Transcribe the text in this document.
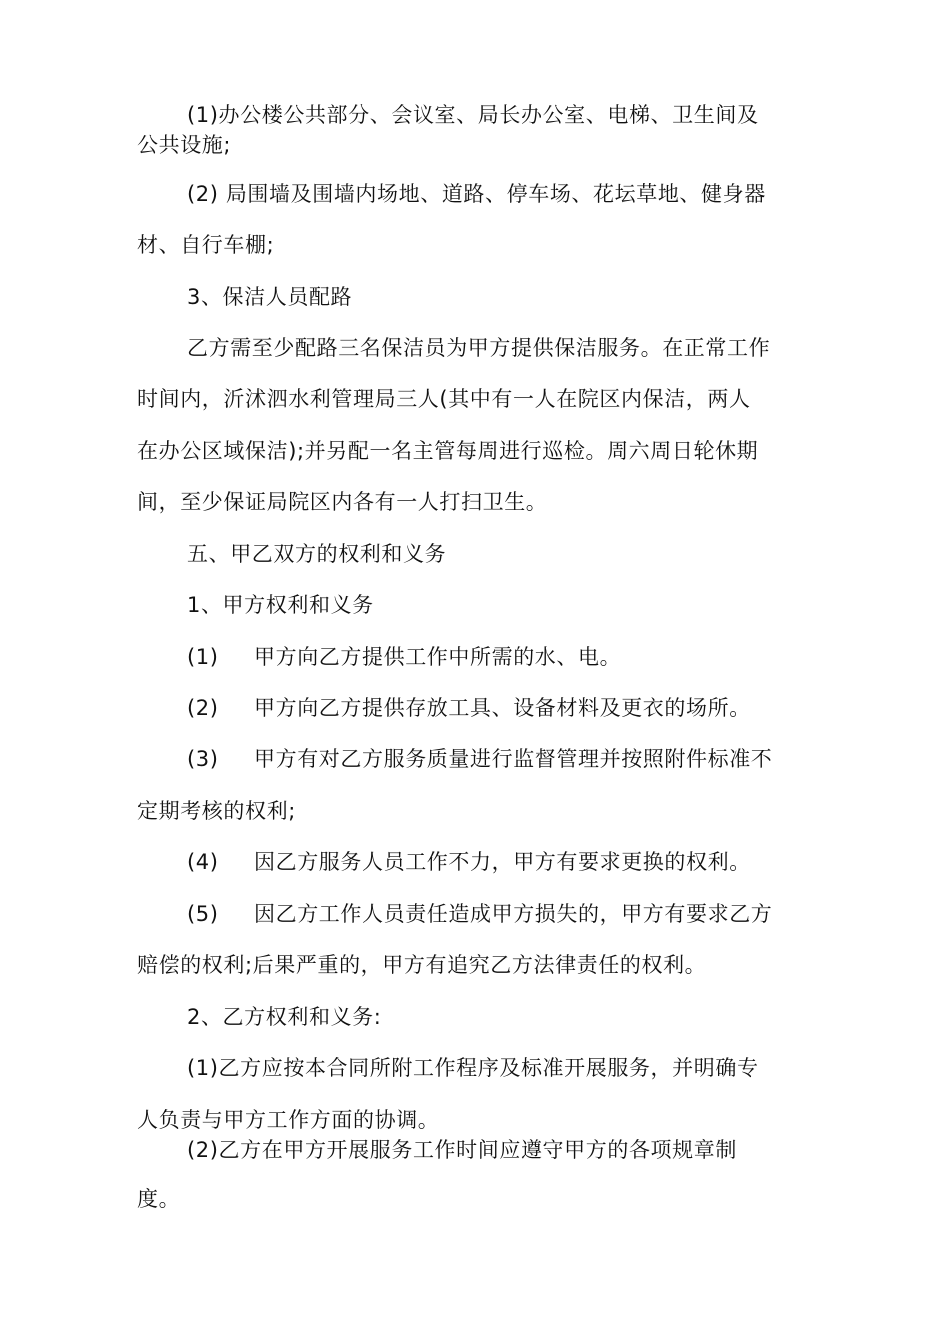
(1)办公楼公共部分、会议室、局长办公室、电梯、卫生间及
公共设施;
(2) 局围墙及围墙内场地、道路、停车场、花坛草地、健身器
材、自行车棚;
3、保洁人员配路
乙方需至少配路三名保洁员为甲方提供保洁服务。在正常工作
时间内，沂沭泗水利管理局三人(其中有一人在院区内保洁，两人
在办公区域保洁);并另配一名主管每周进行巡检。周六周日轮休期
间，至少保证局院区内各有一人打扫卫生。
五、甲乙双方的权利和义务
1、甲方权利和义务
(1) 甲方向乙方提供工作中所需的水、电。
(2) 甲方向乙方提供存放工具、设备材料及更衣的场所。
(3) 甲方有对乙方服务质量进行监督管理并按照附件标准不
定期考核的权利;
(4) 因乙方服务人员工作不力，甲方有要求更换的权利。
(5) 因乙方工作人员责任造成甲方损失的，甲方有要求乙方
赔偿的权利;后果严重的，甲方有追究乙方法律责任的权利。
2、乙方权利和义务:
(1)乙方应按本合同所附工作程序及标准开展服务，并明确专
人负责与甲方工作方面的协调。
(2)乙方在甲方开展服务工作时间应遵守甲方的各项规章制
度。
